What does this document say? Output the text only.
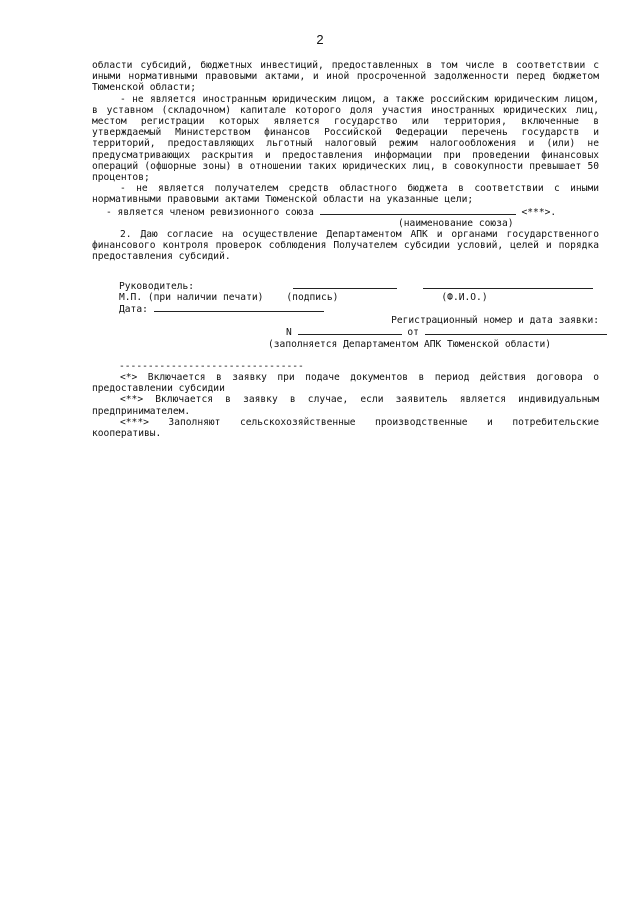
2

области субсидий, бюджетных инвестиций, предоставленных в том числе в соответствии с иными нормативными правовыми актами, и иной просроченной задолженности перед бюджетом Тюменской области;

- не является иностранным юридическим лицом, а также российским юридическим лицом, в уставном (складочном) капитале которого доля участия иностранных юридических лиц, местом регистрации которых является государство или территория, включенные в утверждаемый Министерством финансов Российской Федерации перечень государств и территорий, предоставляющих льготный налоговый режим налогообложения и (или) не предусматривающих раскрытия и предоставления информации при проведении финансовых операций (офшорные зоны) в отношении таких юридических лиц, в совокупности превышает 50 процентов;

- не является получателем средств областного бюджета в соответствии с иными нормативными правовыми актами Тюменской области на указанные цели;

- является членом ревизионного союза	<***>.

(наименование союза)

2. Даю согласие на осуществление Департаментом АПК и органами государственного финансового контроля проверок соблюдения Получателем субсидии условий, целей и порядка предоставления субсидий.

Руководитель:

М.П. (при наличии печати) (подпись)	(Ф.И.О.)

Дата:

Регистрационный номер и дата заявки:

N	от

(заполняется Департаментом АПК Тюменской области)

--------------------------------

<*> Включается в заявку при подаче документов в период действия договора о предоставлении субсидии

<**> Включается в заявку в случае, если заявитель является индивидуальным предпринимателем.

<***> Заполняют сельскохозяйственные производственные и потребительские кооперативы.
